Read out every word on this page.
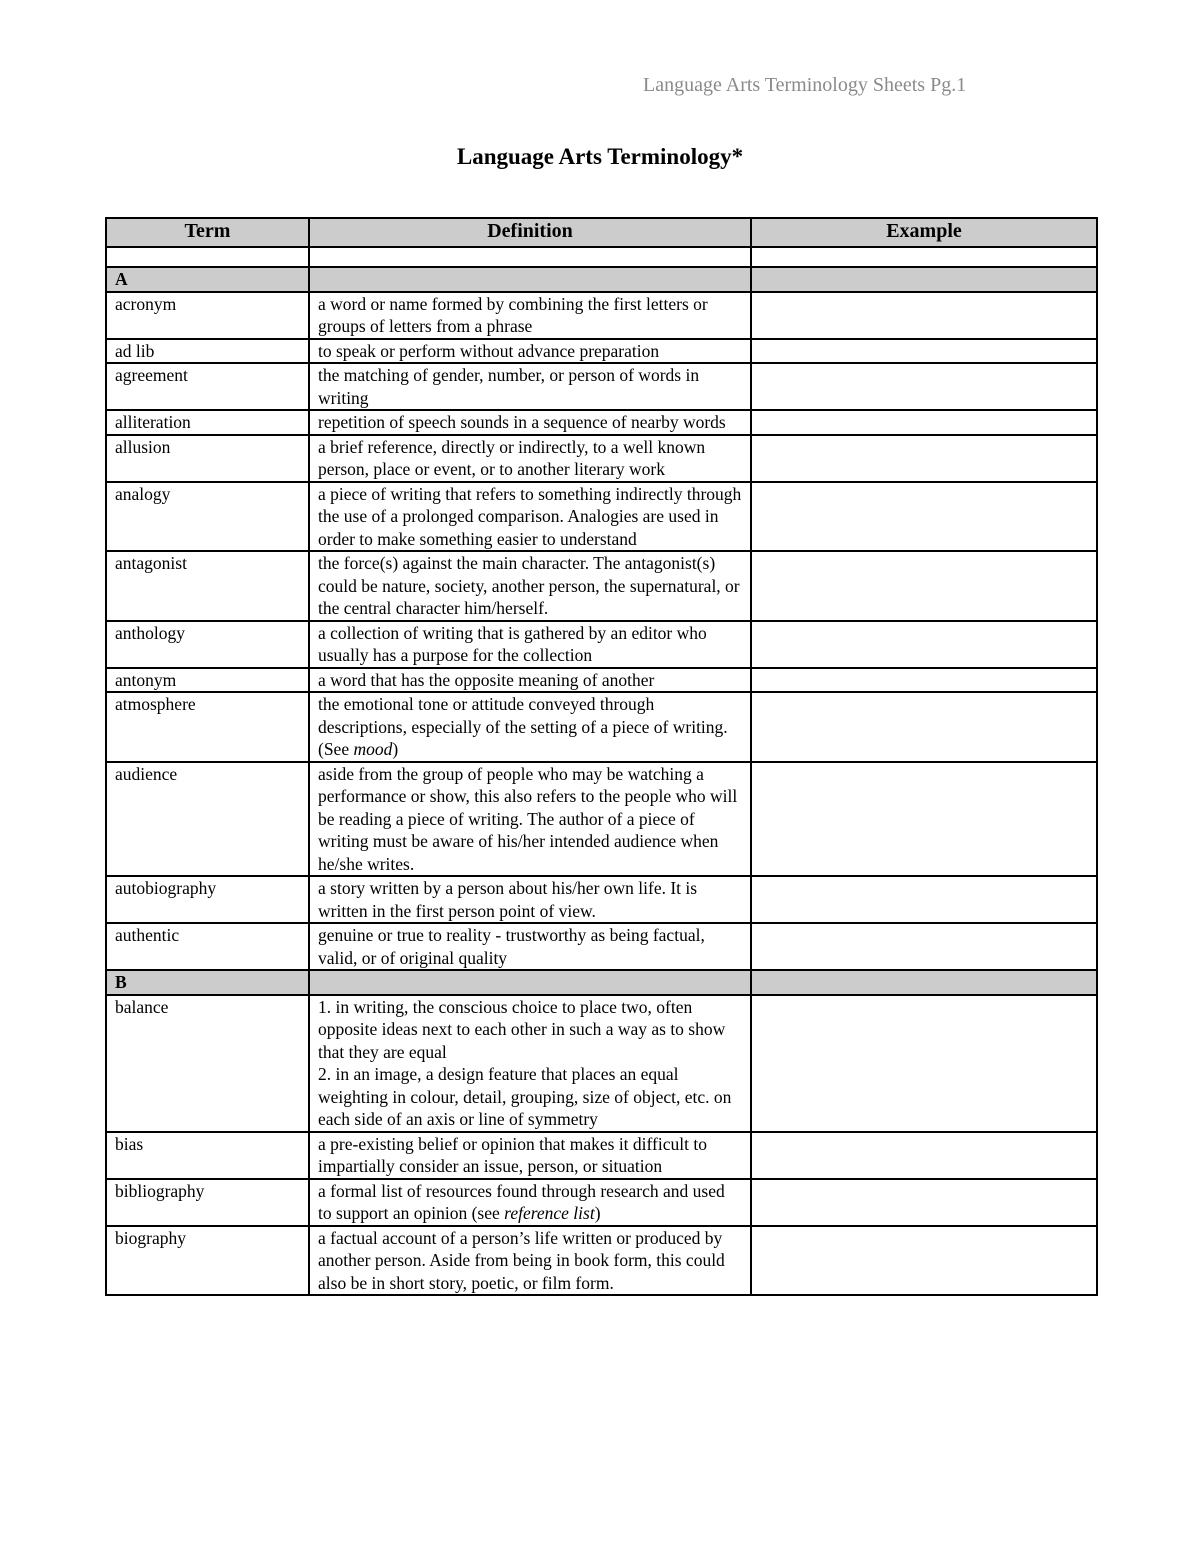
Language Arts Terminology Sheets Pg.1
Language Arts Terminology*
Term	Definition	Example

A		
acronym	a word or name formed by combining the first letters or groups of letters from a phrase	
ad lib	to speak or perform without advance preparation	
agreement	the matching of gender, number, or person of words in writing	
alliteration	repetition of speech sounds in a sequence of nearby words	
allusion	a brief reference, directly or indirectly, to a well known person, place or event, or to another literary work	
analogy	a piece of writing that refers to something indirectly through the use of a prolonged comparison. Analogies are used in order to make something easier to understand	
antagonist	the force(s) against the main character. The antagonist(s) could be nature, society, another person, the supernatural, or the central character him/herself.	
anthology	a collection of writing that is gathered by an editor who usually has a purpose for the collection	
antonym	a word that has the opposite meaning of another	
atmosphere	the emotional tone or attitude conveyed through descriptions, especially of the setting of a piece of writing. (See mood)	
audience	aside from the group of people who may be watching a performance or show, this also refers to the people who will be reading a piece of writing. The author of a piece of writing must be aware of his/her intended audience when he/she writes.	
autobiography	a story written by a person about his/her own life. It is written in the first person point of view.	
authentic	genuine or true to reality - trustworthy as being factual, valid, or of original quality	
B		
balance	1. in writing, the conscious choice to place two, often opposite ideas next to each other in such a way as to show that they are equal
2. in an image, a design feature that places an equal weighting in colour, detail, grouping, size of object, etc. on each side of an axis or line of symmetry	

bias	a pre-existing belief or opinion that makes it difficult to impartially consider an issue, person, or situation	
bibliography	a formal list of resources found through research and used to support an opinion (see reference list)	
biography	a factual account of a person’s life written or produced by another person. Aside from being in book form, this could also be in short story, poetic, or film form.	
